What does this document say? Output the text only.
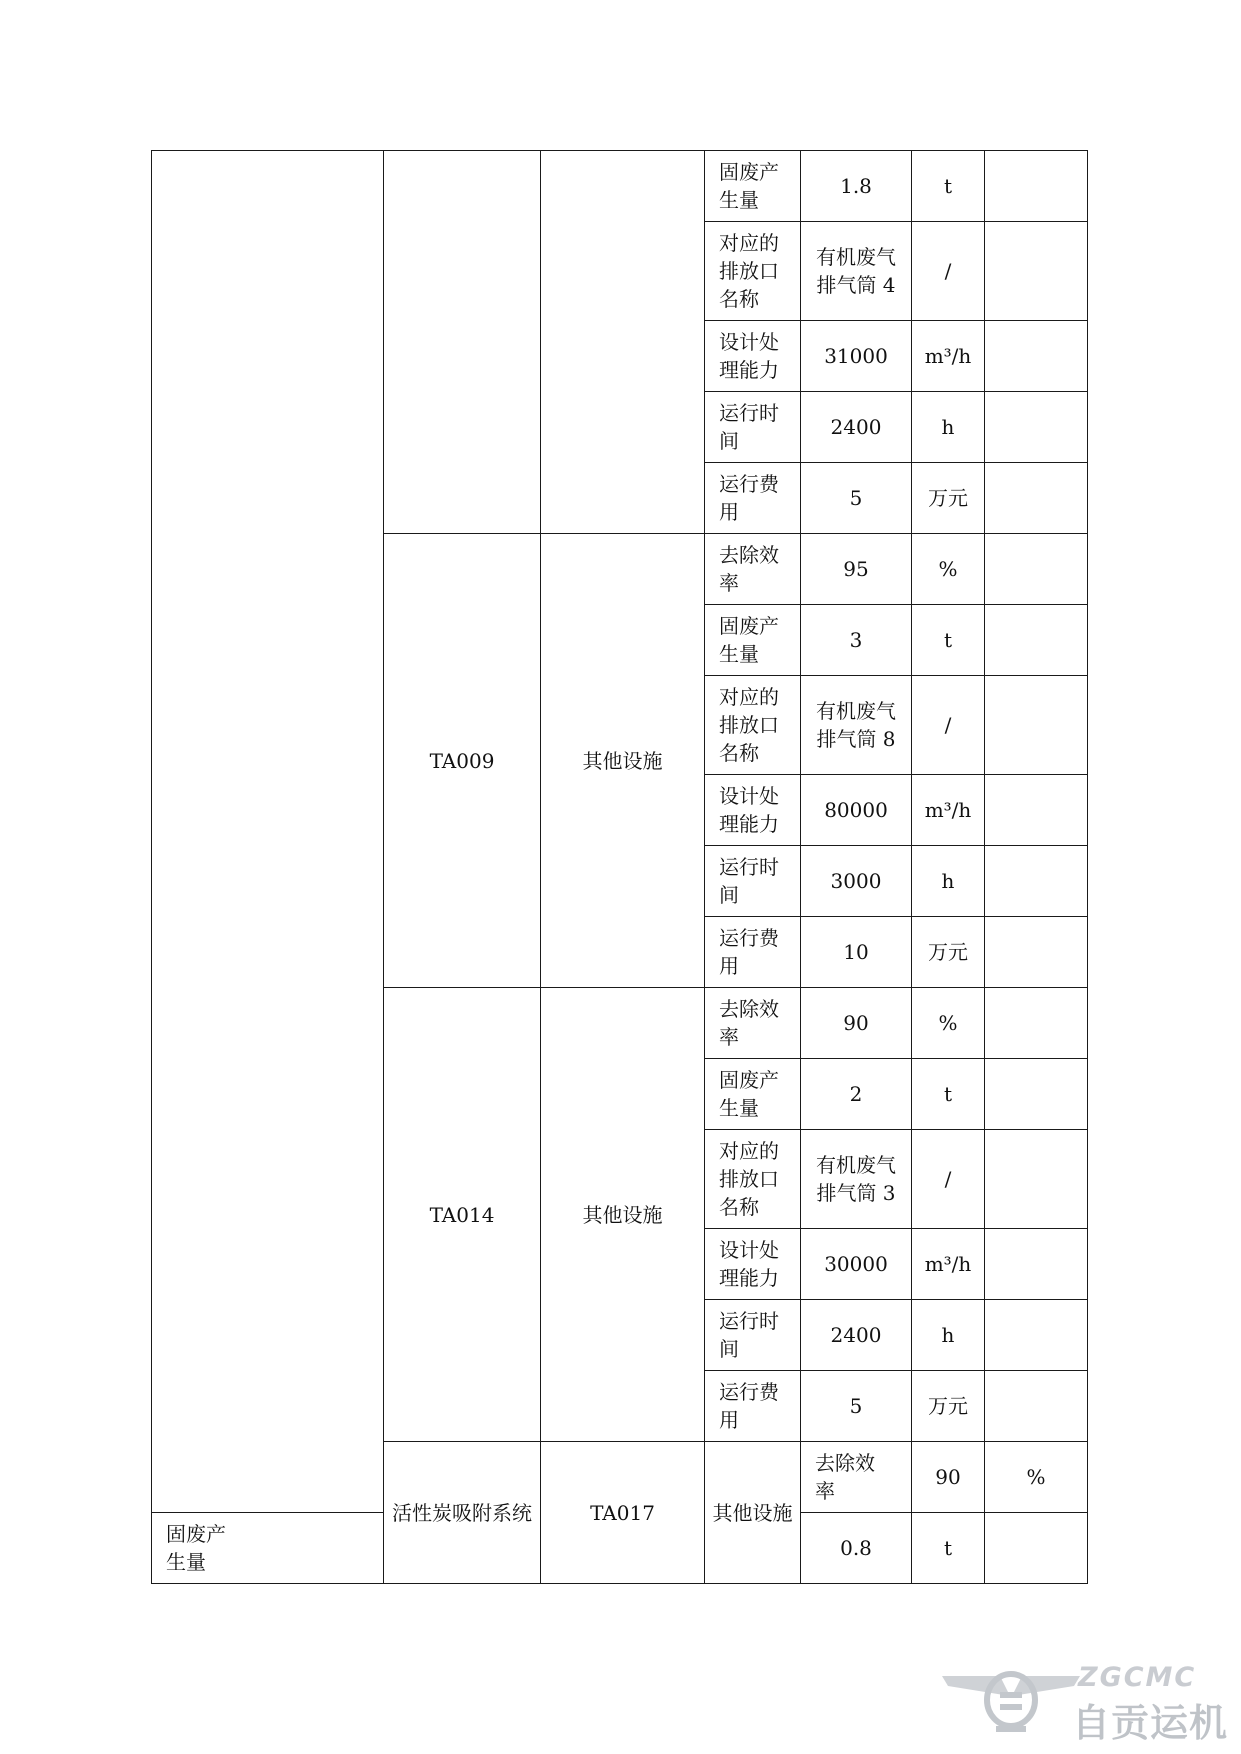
			固废产生量	1.8	t		
			对应的排放口名称	有机废气排气筒 4	/		
			设计处理能力	31000	m³/h		
			运行时间	2400	h		
			运行费用	5	万元		
	TA009	其他设施	去除效率	95	%		
			固废产生量	3	t		
			对应的排放口名称	有机废气排气筒 8	/		
			设计处理能力	80000	m³/h		
			运行时间	3000	h		
			运行费用	10	万元		
	TA014	其他设施	去除效率	90	%		
			固废产生量	2	t		
			对应的排放口名称	有机废气排气筒 3	/		
			设计处理能力	30000	m³/h		
			运行时间	2400	h		
			运行费用	5	万元		
	活性炭吸附系统	TA017	其他设施	去除效率	90	%	
固废产生量				0.8	t		
ZGCMC
自贡运机
